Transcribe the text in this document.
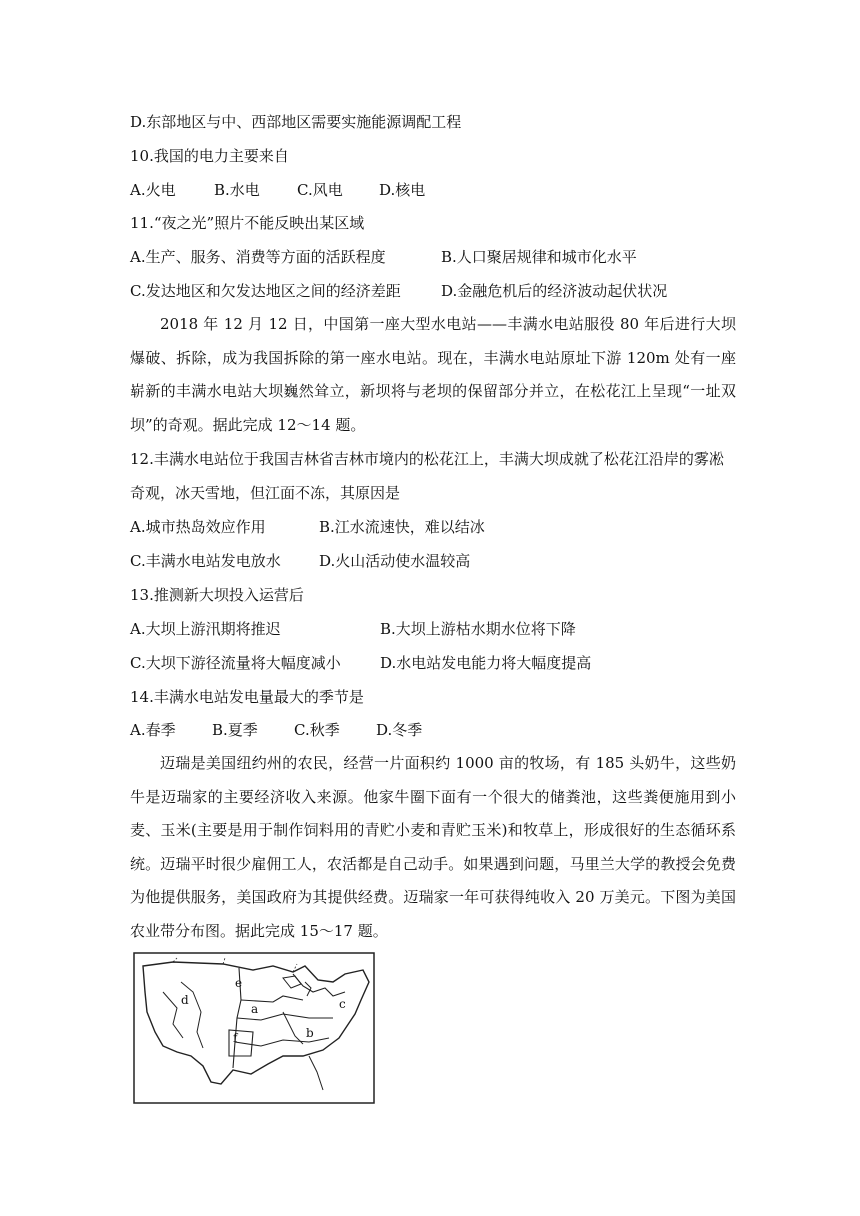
D.东部地区与中、西部地区需要实施能源调配工程
10.我国的电力主要来自
A.火电	B.水电 C.风电 D.核电
11.“夜之光”照片不能反映出某区域
A.生产、服务、消费等方面的活跃程度	B.人口聚居规律和城市化水平
C.发达地区和欠发达地区之间的经济差距	D.金融危机后的经济波动起伏状况
2018 年 12 月 12 日，中国第一座大型水电站——丰满水电站服役 80 年后进行大坝爆破、拆除，成为我国拆除的第一座水电站。现在，丰满水电站原址下游 120m 处有一座崭新的丰满水电站大坝巍然耸立，新坝将与老坝的保留部分并立，在松花江上呈现“一址双坝”的奇观。据此完成 12～14 题。
12.丰满水电站位于我国吉林省吉林市境内的松花江上，丰满大坝成就了松花江沿岸的雾凇
奇观，冰天雪地，但江面不冻，其原因是
A.城市热岛效应作用	B.江水流速快，难以结冰
C.丰满水电站发电放水	D.火山活动使水温较高
13.推测新大坝投入运营后
A.大坝上游汛期将推迟	B.大坝上游枯水期水位将下降
C.大坝下游径流量将大幅度减小	D.水电站发电能力将大幅度提高
14.丰满水电站发电量最大的季节是
A.春季 B.夏季 C.秋季 D.冬季
迈瑞是美国纽约州的农民，经营一片面积约 1000 亩的牧场，有 185 头奶牛，这些奶牛是迈瑞家的主要经济收入来源。他家牛圈下面有一个很大的储粪池，这些粪便施用到小麦、玉米(主要是用于制作饲料用的青贮小麦和青贮玉米)和牧草上，形成很好的生态循环系统。迈瑞平时很少雇佣工人，农活都是自己动手。如果遇到问题，马里兰大学的教授会免费为他提供服务，美国政府为其提供经费。迈瑞家一年可获得纯收入 20 万美元。下图为美国农业带分布图。据此完成 15～17 题。
a
b
c
d
e
f
